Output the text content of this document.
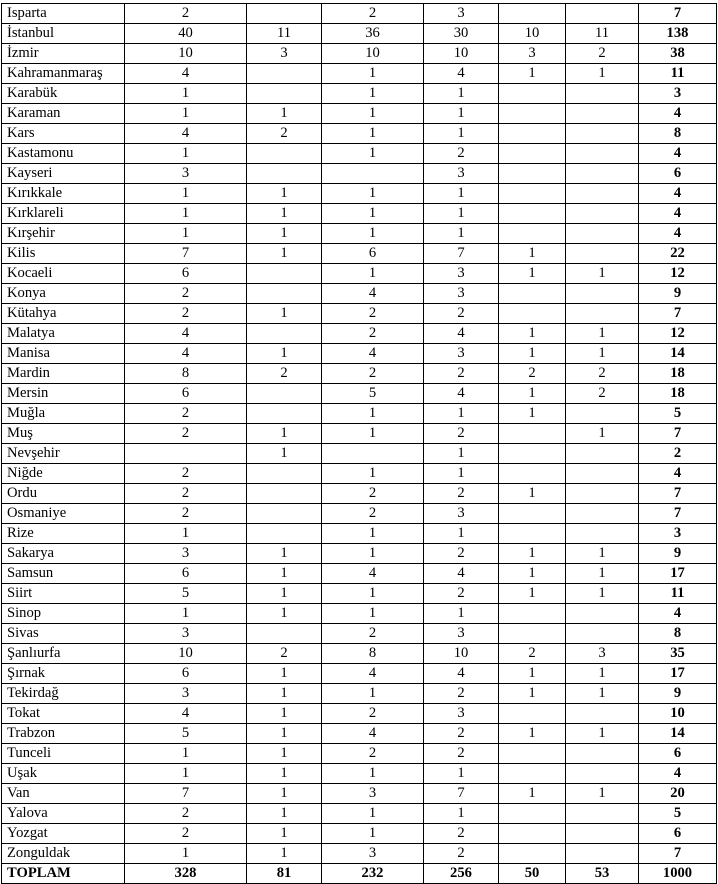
Isparta	2		2	3			7
İstanbul	40	11	36	30	10	11	138
İzmir	10	3	10	10	3	2	38
Kahramanmaraş	4		1	4	1	1	11
Karabük	1		1	1			3
Karaman	1	1	1	1			4
Kars	4	2	1	1			8
Kastamonu	1		1	2			4
Kayseri	3			3			6
Kırıkkale	1	1	1	1			4
Kırklareli	1	1	1	1			4
Kırşehir	1	1	1	1			4
Kilis	7	1	6	7	1		22
Kocaeli	6		1	3	1	1	12
Konya	2		4	3			9
Kütahya	2	1	2	2			7
Malatya	4		2	4	1	1	12
Manisa	4	1	4	3	1	1	14
Mardin	8	2	2	2	2	2	18
Mersin	6		5	4	1	2	18
Muğla	2		1	1	1		5
Muş	2	1	1	2		1	7
Nevşehir		1		1			2
Niğde	2		1	1			4
Ordu	2		2	2	1		7
Osmaniye	2		2	3			7
Rize	1		1	1			3
Sakarya	3	1	1	2	1	1	9
Samsun	6	1	4	4	1	1	17
Siirt	5	1	1	2	1	1	11
Sinop	1	1	1	1			4
Sivas	3		2	3			8
Şanlıurfa	10	2	8	10	2	3	35
Şırnak	6	1	4	4	1	1	17
Tekirdağ	3	1	1	2	1	1	9
Tokat	4	1	2	3			10
Trabzon	5	1	4	2	1	1	14
Tunceli	1	1	2	2			6
Uşak	1	1	1	1			4
Van	7	1	3	7	1	1	20
Yalova	2	1	1	1			5
Yozgat	2	1	1	2			6
Zonguldak	1	1	3	2			7
TOPLAM	328	81	232	256	50	53	1000
